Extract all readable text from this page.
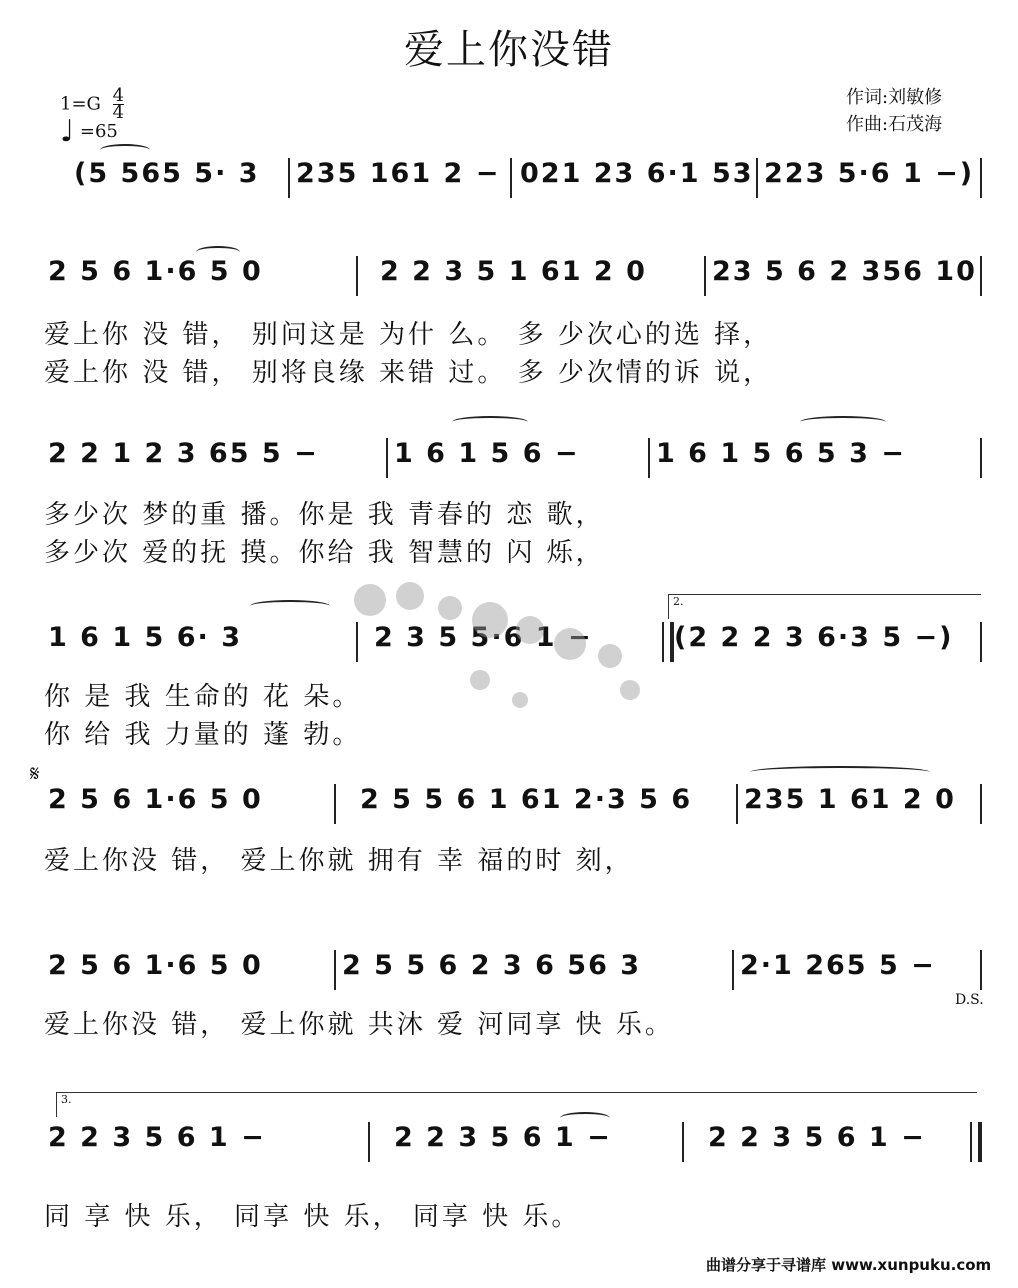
爱上你没错
$1=G \frac{4}{4}$
♩ =65
作词:刘敏修
作曲:石茂海
(5 565 5· 3 235 161 2 − 021 23 6·1 53 223 5·6 1 −)
2 5 6 1·6 5 0	2 2 3 5 1 61 2 0 23 5 6 2 356 10
爱上你 没 错， 别问这是 为什 么。 多 少次心的选 择，
爱上你 没 错， 别将良缘 来错 过。 多 少次情的诉 说，
2 2 1 2 3 65 5 −	1 6 1 5 6 −	1 6 1 5 6 5 3 −
多少次 梦的重 播。你是 我 青春的 恋 歌，
多少次 爱的抚 摸。你给 我 智慧的 闪 烁，
2.
1 6 1 5 6· 3	2 3 5 5·6 1 −	(2 2 2 3 6·3 5 −)
你 是 我 生命的 花 朵。
你 给 我 力量的 蓬 勃。
𝄋
2 5 6 1·6 5 0	2 5 5 6 1 61 2·3 5 6 235 1 61 2 0
爱上你没 错， 爱上你就 拥有 幸 福的时 刻，
2 5 6 1·6 5 0	2 5 5 6 2 3 6 56 3	2·1 265 5 −
D.S.
爱上你没 错， 爱上你就 共沐 爱 河同享 快 乐。
3.
2 2 3 5 6 1 −	2 2 3 5 6 1 −	2 2 3 5 6 1 −
同 享 快 乐， 同享 快 乐， 同享 快 乐。
曲谱分享于寻谱库 www.xunpuku.com
